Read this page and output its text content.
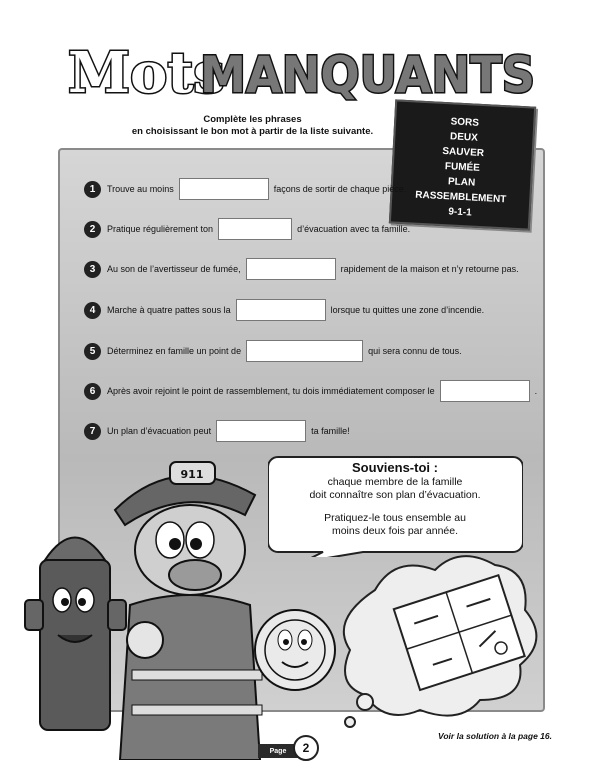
Mots
MANQUANTS
Complète les phrases
en choisissant le bon mot à partir de la liste suivante.
SORS
DEUX
SAUVER
FUMÉE
PLAN
RASSEMBLEMENT
9-1-1
1	Trouve au moins	façons de sortir de chaque pièce.
2	Pratique régulièrement ton	d’évacuation avec ta famille.
3	Au son de l’avertisseur de fumée,	rapidement de la maison et n’y retourne pas.
4	Marche à quatre pattes sous la	lorsque tu quittes une zone d’incendie.
5	Déterminez en famille un point de	qui sera connu de tous.
6	Après avoir rejoint le point de rassemblement, tu dois immédiatement composer le	.
7	Un plan d’évacuation peut	ta famille!
911	Souviens-toi :

chaque membre de la famille

doit connaître son plan d’évacuation.

Pratiquez-le tous ensemble au

moins deux fois par année.

Voir la solution à la page 16.
Page	2
